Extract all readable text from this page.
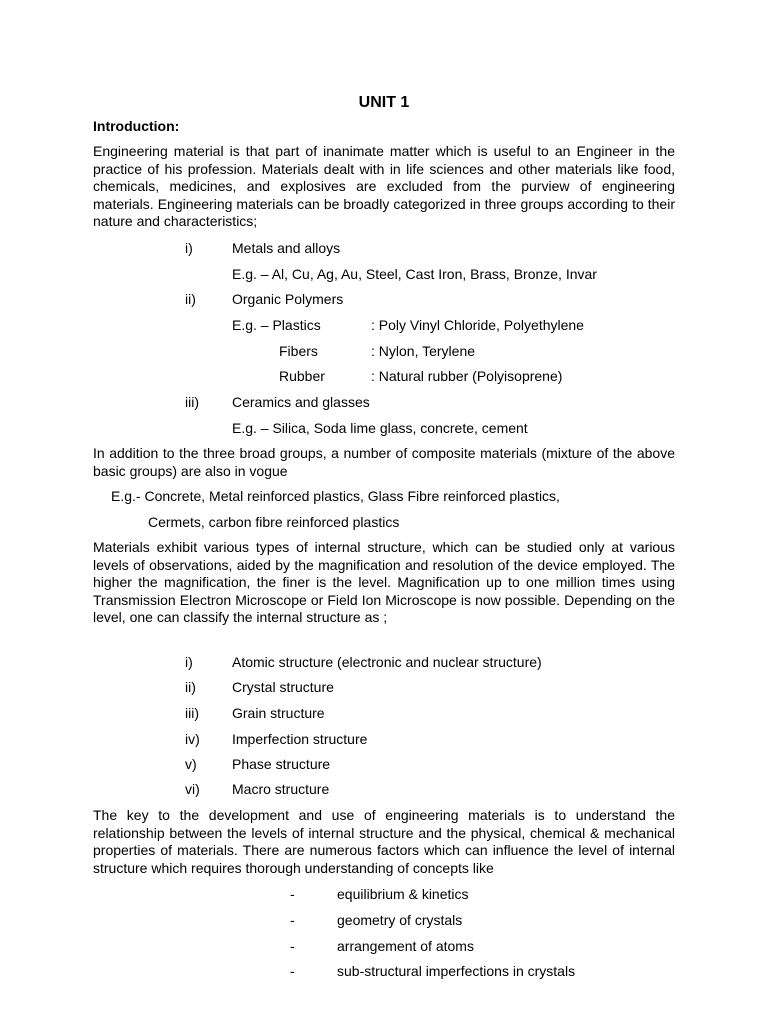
UNIT 1
Introduction:
Engineering material is that part of inanimate matter which is useful to an Engineer in the practice of his profession. Materials dealt with in life sciences and other materials like food, chemicals, medicines, and explosives are excluded from the purview of engineering materials. Engineering materials can be broadly categorized in three groups according to their nature and characteristics;
i)	Metals and alloys
E.g. – Al, Cu, Ag, Au, Steel, Cast Iron, Brass, Bronze, Invar
ii)	Organic Polymers
E.g. – Plastics	: Poly Vinyl Chloride, Polyethylene
Fibers	: Nylon, Terylene
Rubber	: Natural rubber (Polyisoprene)
iii) Ceramics and glasses
E.g. – Silica, Soda lime glass, concrete, cement
In addition to the three broad groups, a number of composite materials (mixture of the above basic groups) are also in vogue
E.g.- Concrete, Metal reinforced plastics, Glass Fibre reinforced plastics,
Cermets, carbon fibre reinforced plastics
Materials exhibit various types of internal structure, which can be studied only at various levels of observations, aided by the magnification and resolution of the device employed. The higher the magnification, the finer is the level. Magnification up to one million times using Transmission Electron Microscope or Field Ion Microscope is now possible. Depending on the level, one can classify the internal structure as ;
i)	Atomic structure (electronic and nuclear structure)
ii)	Crystal structure
iii) Grain structure
iv) Imperfection structure
v)	Phase structure
vi) Macro structure
The key to the development and use of engineering materials is to understand the relationship between the levels of internal structure and the physical, chemical & mechanical properties of materials. There are numerous factors which can influence the level of internal structure which requires thorough understanding of concepts like
-	equilibrium & kinetics
-	geometry of crystals
-	arrangement of atoms
-	sub-structural imperfections in crystals
